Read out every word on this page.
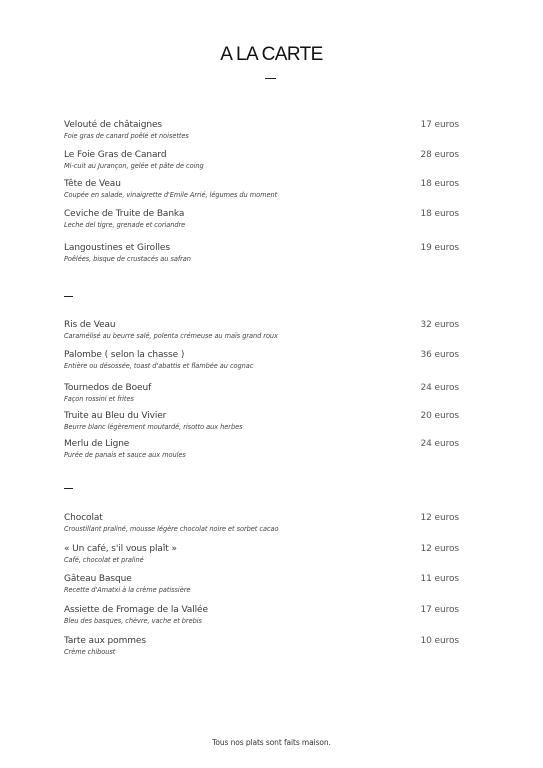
A LA CARTE
Velouté de châtaignes	17 euros
Foie gras de canard poêlé et noisettes
Le Foie Gras de Canard	28 euros
Mi-cuit au Jurançon, gelée et pâte de coing
Tête de Veau	18 euros
Coupée en salade, vinaigrette d'Emile Arrié, légumes du moment
Ceviche de Truite de Banka	18 euros
Leche del tigre, grenade et coriandre
Langoustines et Girolles	19 euros
Poêlées, bisque de crustacés au safran
Ris de Veau	32 euros
Caramélisé au beurre salé, polenta crémeuse au maïs grand roux
Palombe ( selon la chasse )	36 euros
Entière ou désossée, toast d'abattis et flambée au cognac
Tournedos de Boeuf	24 euros
Façon rossini et frites
Truite au Bleu du Vivier	20 euros
Beurre blanc légèrement moutardé, risotto aux herbes
Merlu de Ligne	24 euros
Purée de panais et sauce aux moules
Chocolat	12 euros
Croustillant praliné, mousse légère chocolat noire et sorbet cacao
« Un café, s'il vous plaît »	12 euros
Café, chocolat et praliné
Gâteau Basque	11 euros
Recette d'Amatxi à la crème patissière
Assiette de Fromage de la Vallée	17 euros
Bleu des basques, chèvre, vache et brebis
Tarte aux pommes	10 euros
Crème chiboust
Tous nos plats sont faits maison.
